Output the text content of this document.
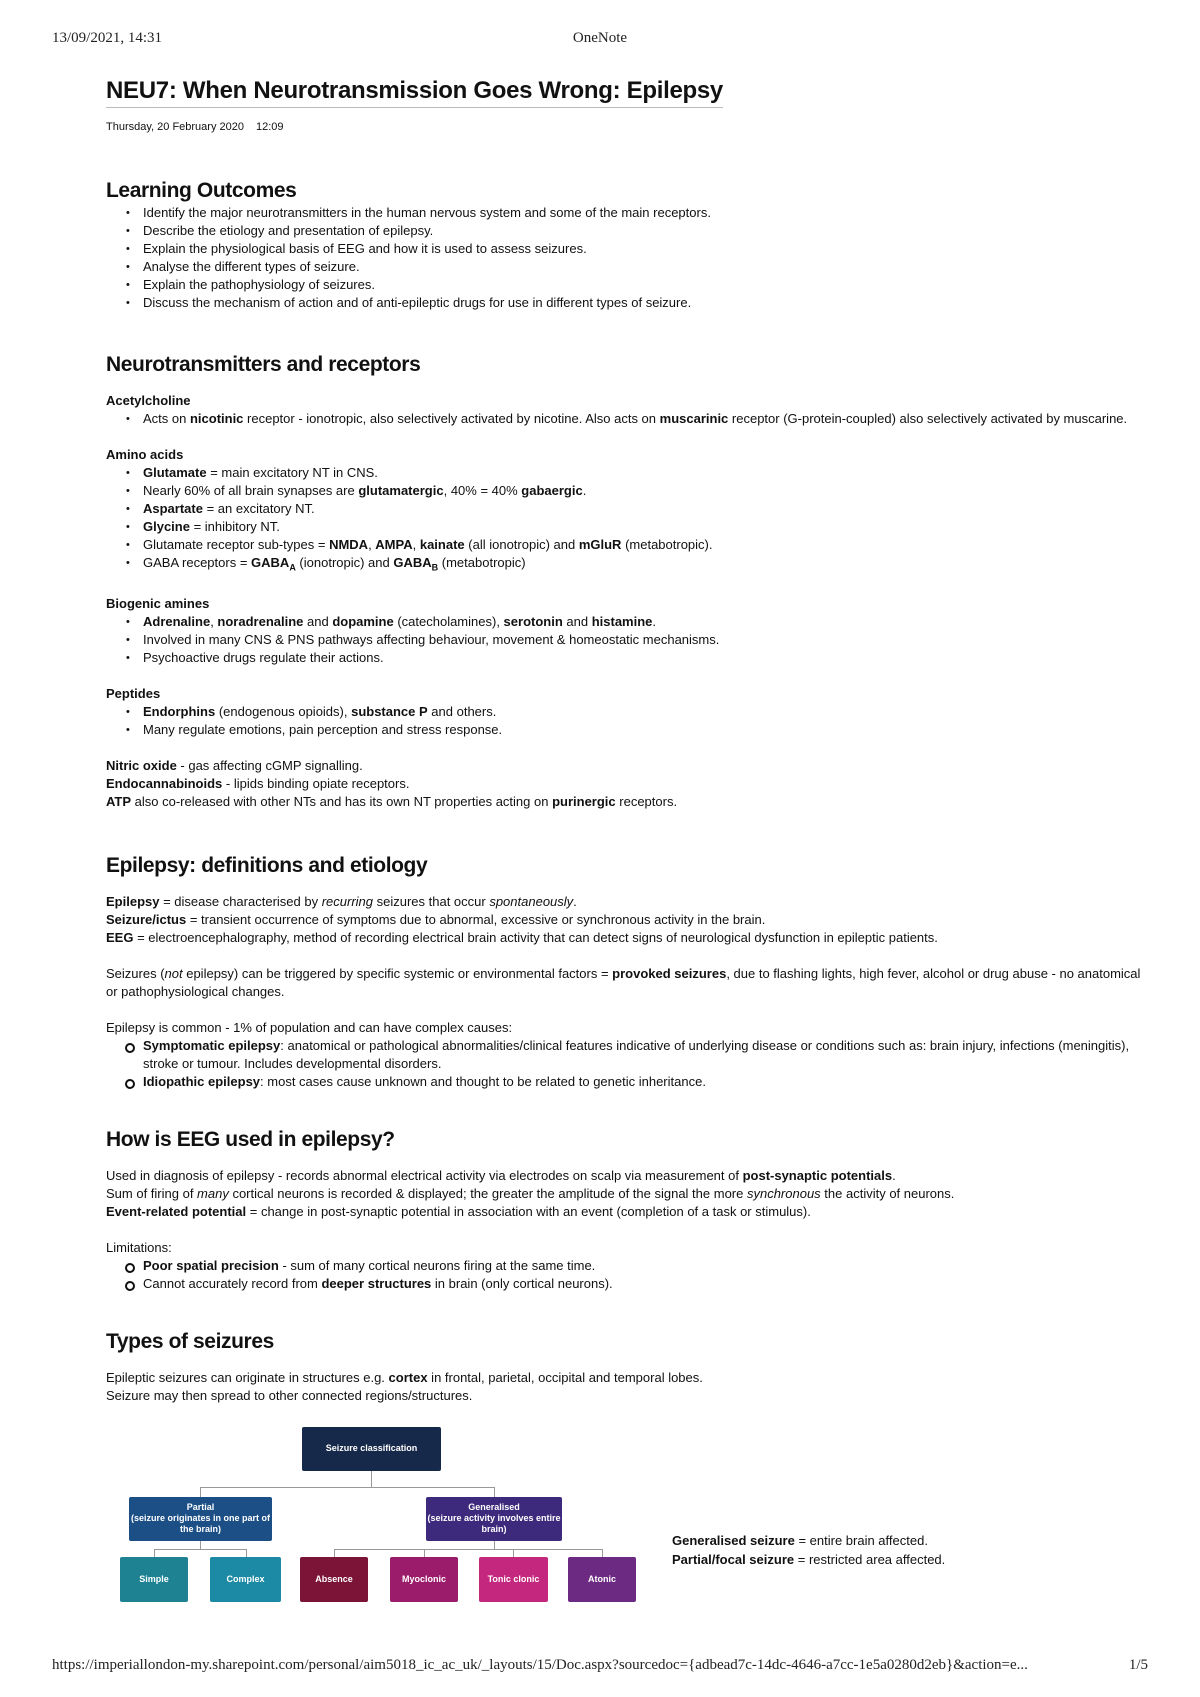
13/09/2021, 14:31	OneNote
NEU7: When Neurotransmission Goes Wrong: Epilepsy
Thursday, 20 February 2020 12:09
Learning Outcomes
• Identify the major neurotransmitters in the human nervous system and some of the main receptors.
• Describe the etiology and presentation of epilepsy.
• Explain the physiological basis of EEG and how it is used to assess seizures.
• Analyse the different types of seizure.
• Explain the pathophysiology of seizures.
• Discuss the mechanism of action and of anti-epileptic drugs for use in different types of seizure.
Neurotransmitters and receptors
Acetylcholine
• Acts on nicotinic receptor - ionotropic, also selectively activated by nicotine. Also acts on muscarinic receptor (G-protein-coupled) also selectively activated by muscarine.
Amino acids
• Glutamate = main excitatory NT in CNS.
• Nearly 60% of all brain synapses are glutamatergic, 40% = 40% gabaergic.
• Aspartate = an excitatory NT.
• Glycine = inhibitory NT.
• Glutamate receptor sub-types = NMDA, AMPA, kainate (all ionotropic) and mGluR (metabotropic).
• GABA receptors = $GABA_A$ (ionotropic) and $GABA_B$ (metabotropic)
Biogenic amines
• Adrenaline, noradrenaline and dopamine (catecholamines), serotonin and histamine.
• Involved in many CNS & PNS pathways affecting behaviour, movement & homeostatic mechanisms.
• Psychoactive drugs regulate their actions.
Peptides
• Endorphins (endogenous opioids), substance P and others.
• Many regulate emotions, pain perception and stress response.

Nitric oxide - gas affecting cGMP signalling.

Endocannabinoids - lipids binding opiate receptors.

ATP also co-released with other NTs and has its own NT properties acting on purinergic receptors.

Epilepsy: definitions and etiology

Epilepsy = disease characterised by recurring seizures that occur spontaneously.

Seizure/ictus = transient occurrence of symptoms due to abnormal, excessive or synchronous activity in the brain.

EEG = electroencephalography, method of recording electrical brain activity that can detect signs of neurological dysfunction in epileptic patients.

Seizures (not epilepsy) can be triggered by specific systemic or environmental factors = provoked seizures, due to flashing lights, high fever, alcohol or drug abuse - no anatomical or pathophysiological changes.

Epilepsy is common - 1% of population and can have complex causes:

Symptomatic epilepsy: anatomical or pathological abnormalities/clinical features indicative of underlying disease or conditions such as: brain injury, infections (meningitis), stroke or tumour. Includes developmental disorders.
Idiopathic epilepsy: most cases cause unknown and thought to be related to genetic inheritance.
How is EEG used in epilepsy?

Used in diagnosis of epilepsy - records abnormal electrical activity via electrodes on scalp via measurement of post-synaptic potentials.

Sum of firing of many cortical neurons is recorded & displayed; the greater the amplitude of the signal the more synchronous the activity of neurons.

Event-related potential = change in post-synaptic potential in association with an event (completion of a task or stimulus).

Limitations:

Poor spatial precision - sum of many cortical neurons firing at the same time.
Cannot accurately record from deeper structures in brain (only cortical neurons).
Types of seizures

Epileptic seizures can originate in structures e.g. cortex in frontal, parietal, occipital and temporal lobes.

Seizure may then spread to other connected regions/structures.

Seizure classification
Partial
(seizure originates in one part of the brain)
Generalised
(seizure activity involves entire brain)
Simple	Complex	Absence	Myoclonic	Tonic clonic	Atonic

Generalised seizure = entire brain affected.

Partial/focal seizure = restricted area affected.

https://imperiallondon-my.sharepoint.com/personal/aim5018_ic_ac_uk/_layouts/15/Doc.aspx?sourcedoc={adbead7c-14dc-4646-a7cc-1e5a0280d2eb}&action=e...	1/5
